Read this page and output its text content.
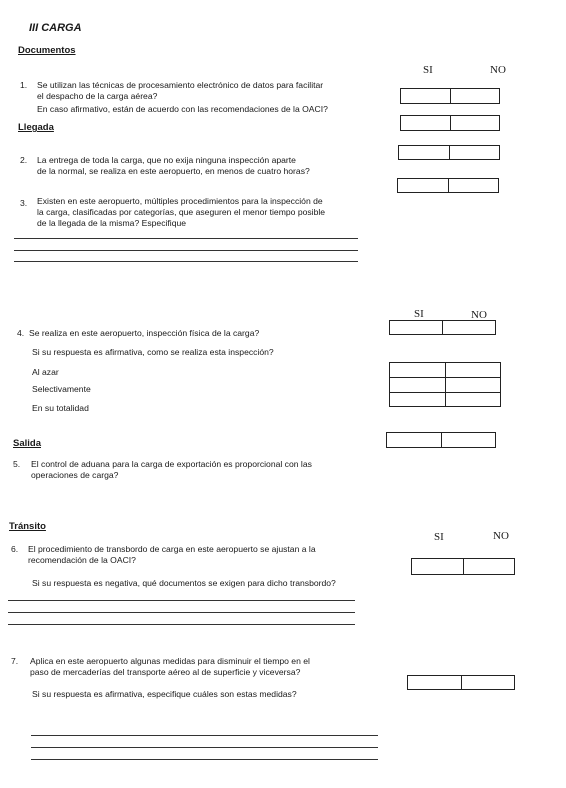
III CARGA
Documentos
SI	NO
1. Se utilizan las técnicas de procesamiento electrónico de datos para facilitar
el despacho de la carga aérea?
En caso afirmativo, están de acuerdo con las recomendaciones de la OACI?
Llegada
2. La entrega de toda la carga, que no exija ninguna inspección aparte
de la normal, se realiza en este aeropuerto, en menos de cuatro horas?
3. Existen en este aeropuerto, múltiples procedimientos para la inspección de
la carga, clasificadas por categorías, que aseguren el menor tiempo posible
de la llegada de la misma? Especifique
SI	NO
4. Se realiza en este aeropuerto, inspección física de la carga?
Si su respuesta es afirmativa, como se realiza esta inspección?
Al azar
Selectivamente
En su totalidad
Salida
5. El control de aduana para la carga de exportación es proporcional con las
operaciones de carga?
Tránsito
SI	NO
6. El procedimiento de transbordo de carga en este aeropuerto se ajustan a la
recomendación de la OACI?
Si su respuesta es negativa, qué documentos se exigen para dicho transbordo?
7. Aplica en este aeropuerto algunas medidas para disminuir el tiempo en el
paso de mercaderías del transporte aéreo al de superficie y viceversa?
Si su respuesta es afirmativa, especifique cuáles son estas medidas?
